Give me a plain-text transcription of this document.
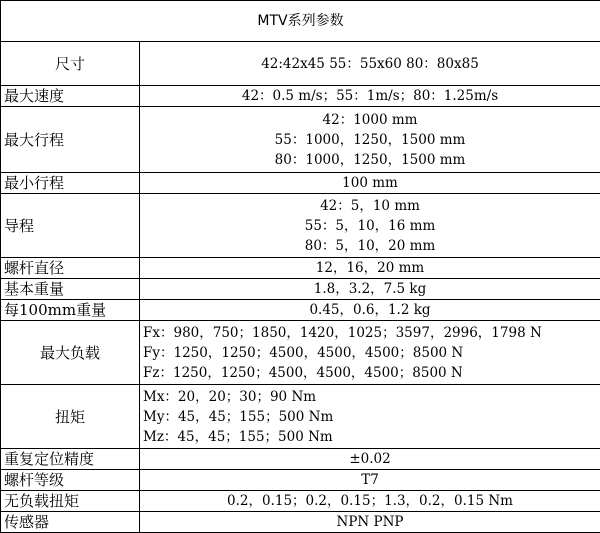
MTV系列参数	
尺寸	42:42x45 55：55x60 80：80x85
最大速度	42：0.5 m/s；55：1m/s；80：1.25m/s
最大行程	42：1000 mm
55：1000，1250，1500 mm
80：1000，1250，1500 mm

最小行程	100 mm
导程	42：5，10 mm
55：5，10，16 mm
80：5，10，20 mm

螺杆直径	12，16，20 mm
基本重量	1.8，3.2，7.5 kg
每100mm重量	0.45，0.6，1.2 kg
最大负载	Fx：980，750；1850，1420，1025；3597，2996，1798 N
Fy：1250，1250；4500，4500，4500；8500 N
Fz：1250，1250；4500，4500，4500；8500 N

扭矩	Mx：20，20；30；90 Nm
My：45，45；155；500 Nm
Mz：45，45；155；500 Nm

重复定位精度	±0.02
螺杆等级	T7
无负载扭矩	0.2，0.15；0.2，0.15；1.3，0.2，0.15 Nm
传感器	NPN PNP
